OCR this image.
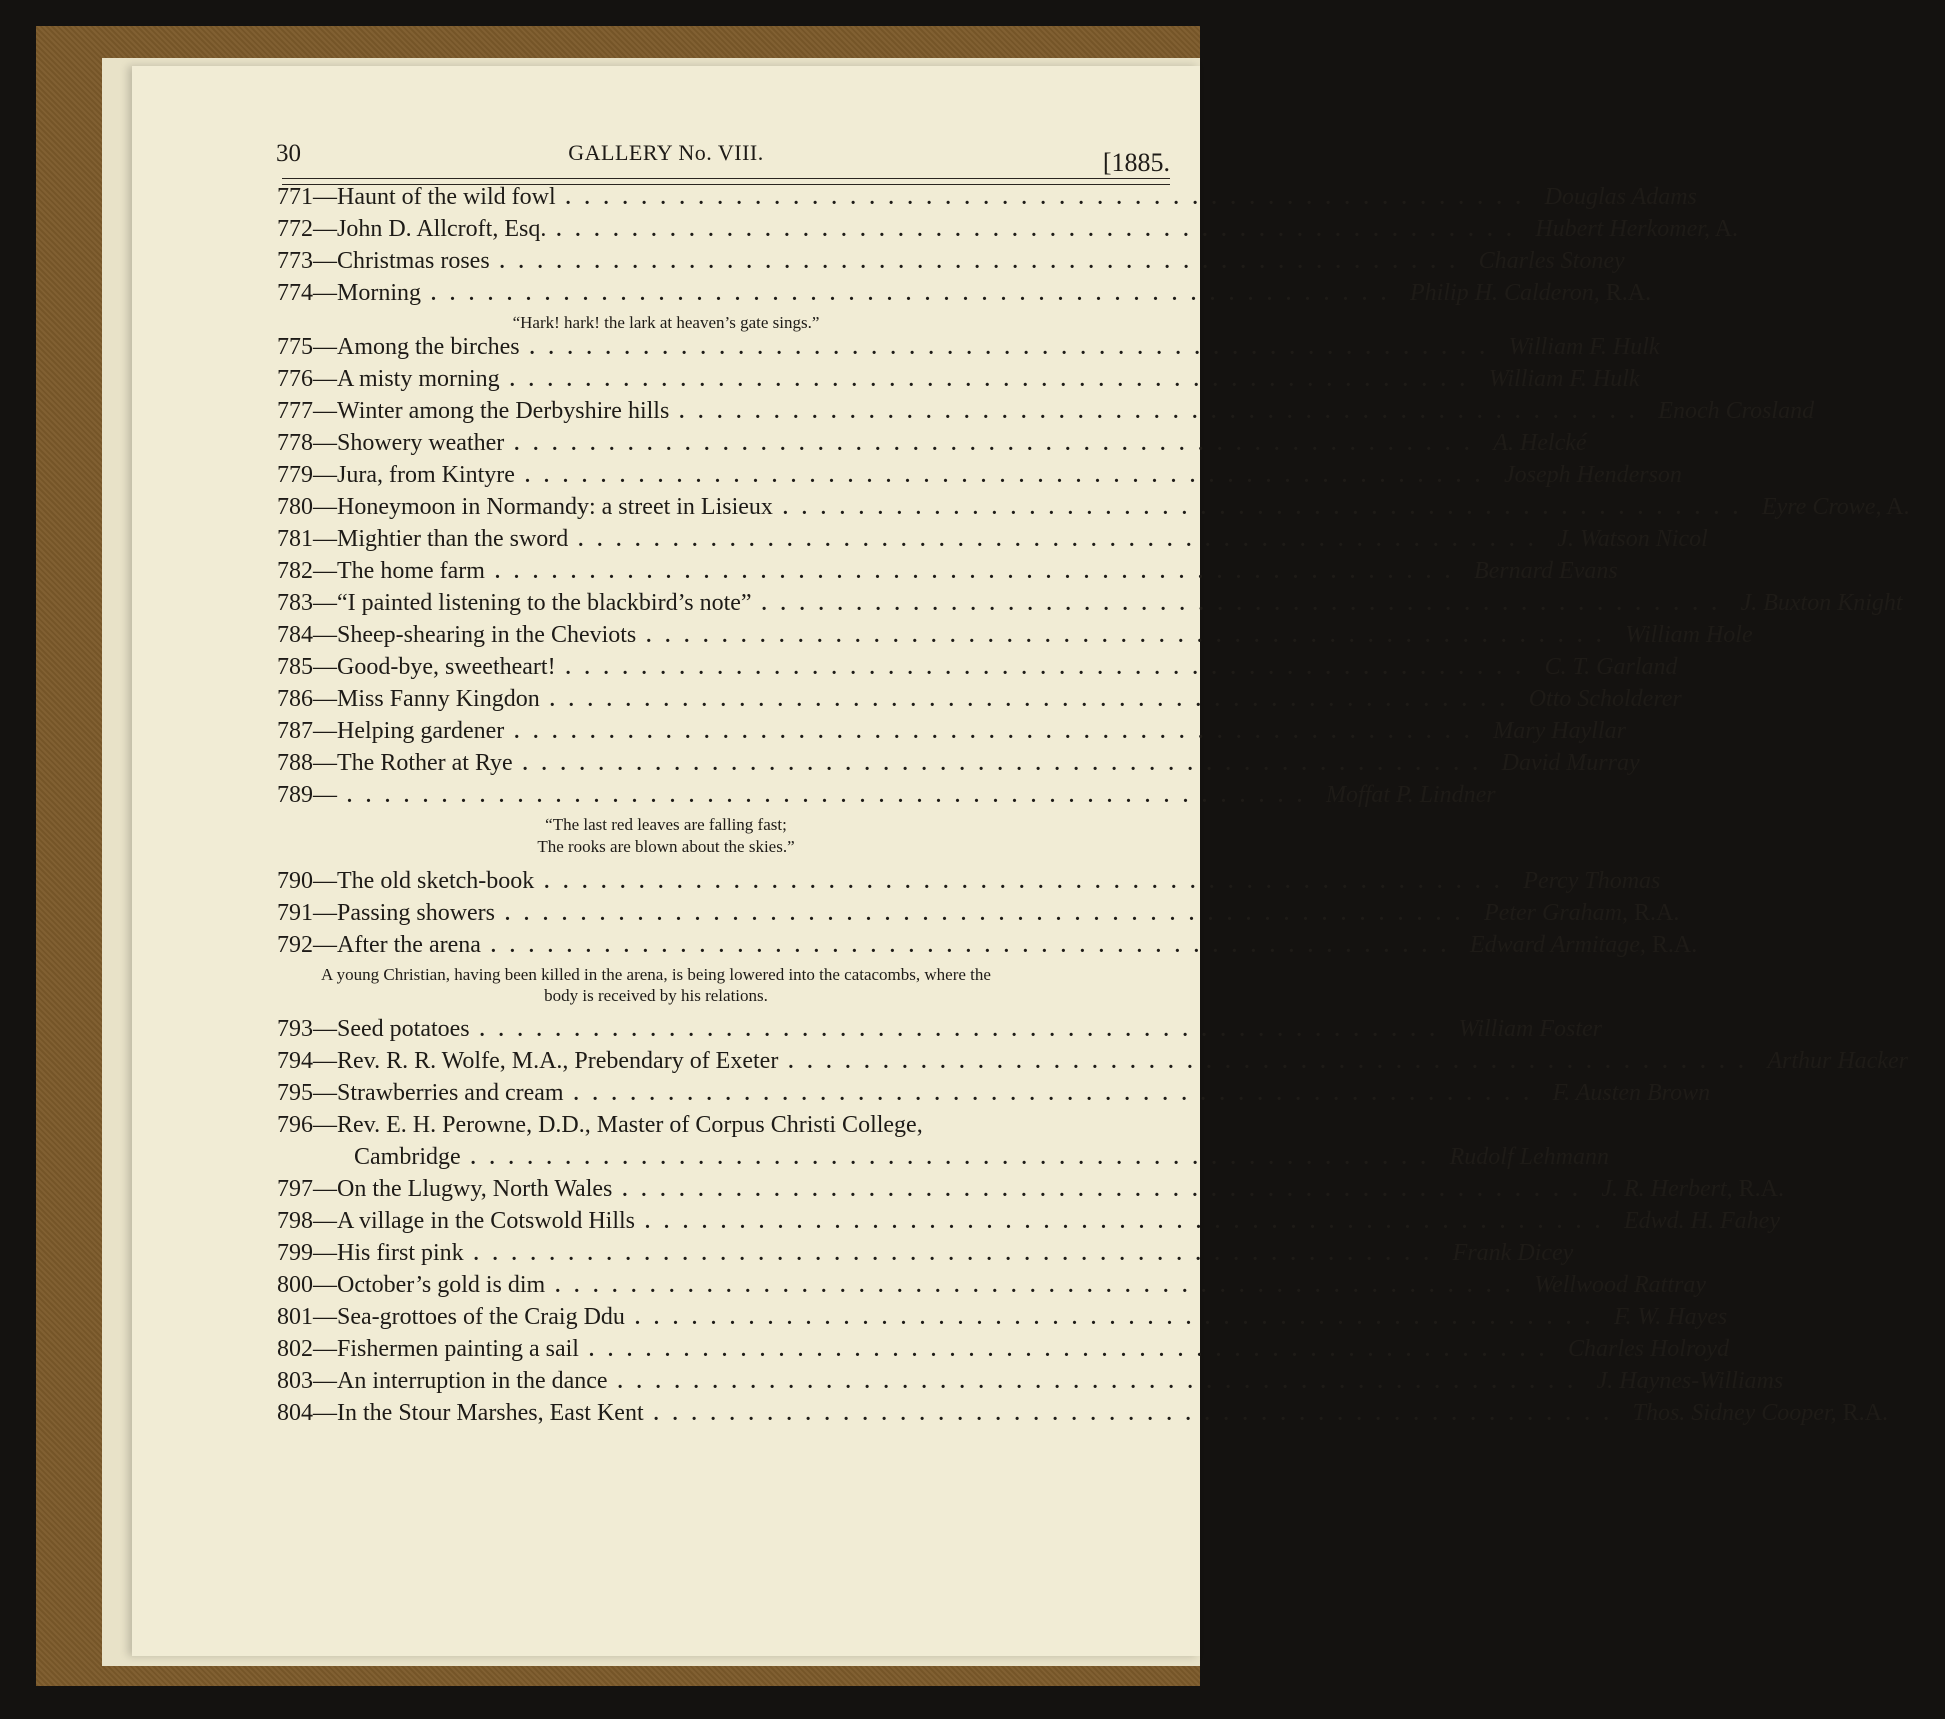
30	GALLERY No. VIII.	[1885.
771—Haunt of the wild fowl ................................................... Douglas Adams
772—John D. Allcroft, Esq. ................................................... Hubert Herkomer, A.
773—Christmas roses ................................................... Charles Stoney
774—Morning ................................................... Philip H. Calderon, R.A.
“Hark! hark! the lark at heaven’s gate sings.”
775—Among the birches ................................................... William F. Hulk
776—A misty morning ................................................... William F. Hulk
777—Winter among the Derbyshire hills ................................................... Enoch Crosland
778—Showery weather ................................................... A. Helcké
779—Jura, from Kintyre ................................................... Joseph Henderson
780—Honeymoon in Normandy: a street in Lisieux ................................................... Eyre Crowe, A.
781—Mightier than the sword ................................................... J. Watson Nicol
782—The home farm ................................................... Bernard Evans
783—“I painted listening to the blackbird’s note” ................................................... J. Buxton Knight
784—Sheep-shearing in the Cheviots ................................................... William Hole
785—Good-bye, sweetheart! ................................................... C. T. Garland
786—Miss Fanny Kingdon ................................................... Otto Scholderer
787—Helping gardener ................................................... Mary Hayllar
788—The Rother at Rye ................................................... David Murray
789— ................................................... Moffat P. Lindner
“The last red leaves are falling fast;
The rooks are blown about the skies.”
790—The old sketch-book ................................................... Percy Thomas
791—Passing showers ................................................... Peter Graham, R.A.
792—After the arena ................................................... Edward Armitage, R.A.
A young Christian, having been killed in the arena, is being lowered into the catacombs, where the body is received by his relations.
793—Seed potatoes ................................................... William Foster
794—Rev. R. R. Wolfe, M.A., Prebendary of Exeter ................................................... Arthur Hacker
795—Strawberries and cream ................................................... F. Austen Brown
796—Rev. E. H. Perowne, D.D., Master of Corpus Christi College,
Cambridge ................................................... Rudolf Lehmann
797—On the Llugwy, North Wales ................................................... J. R. Herbert, R.A.
798—A village in the Cotswold Hills ................................................... Edwd. H. Fahey
799—His first pink ................................................... Frank Dicey
800—October’s gold is dim ................................................... Wellwood Rattray
801—Sea-grottoes of the Craig Ddu ................................................... F. W. Hayes
802—Fishermen painting a sail ................................................... Charles Holroyd
803—An interruption in the dance ................................................... J. Haynes-Williams
804—In the Stour Marshes, East Kent ................................................... Thos. Sidney Cooper, R.A.
